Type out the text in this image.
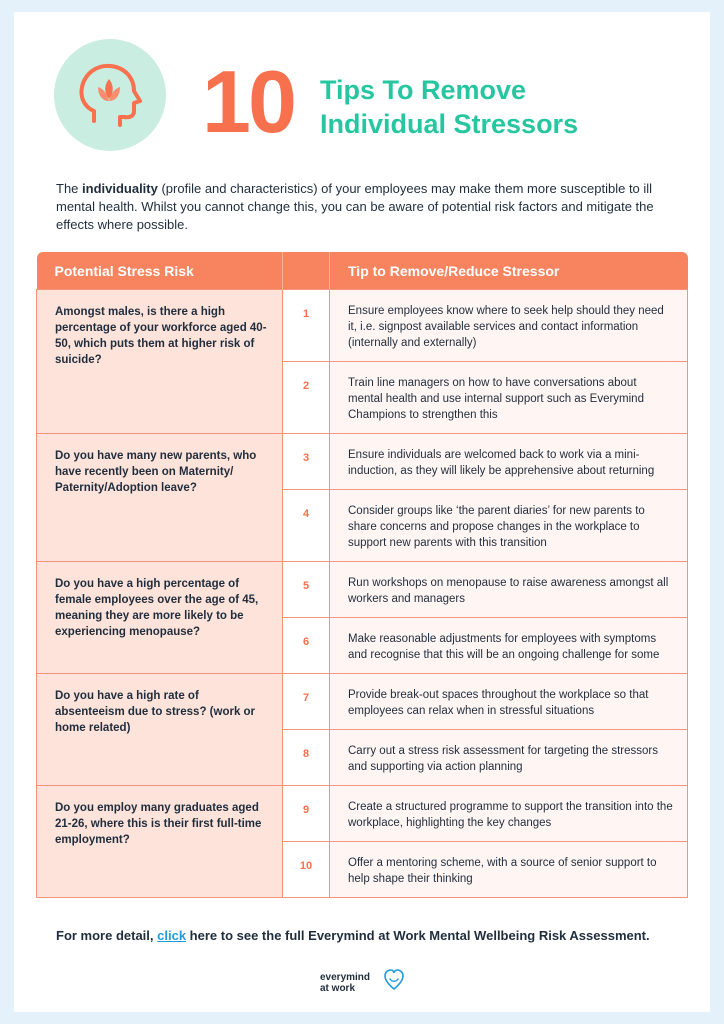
10 Tips To Remove
Individual Stressors
The individuality (profile and characteristics) of your employees may make them more susceptible to ill mental health. Whilst you cannot change this, you can be aware of potential risk factors and mitigate the effects where possible.
Potential Stress Risk		Tip to Remove/Reduce Stressor
Amongst males, is there a high percentage of your workforce aged 40-50, which puts them at higher risk of suicide?	1	Ensure employees know where to seek help should they need it, i.e. signpost available services and contact information (internally and externally)
	2	Train line managers on how to have conversations about mental health and use internal support such as Everymind Champions to strengthen this
Do you have many new parents, who have recently been on Maternity/ Paternity/Adoption leave?	3	Ensure individuals are welcomed back to work via a mini-induction, as they will likely be apprehensive about returning
	4	Consider groups like ‘the parent diaries’ for new parents to share concerns and propose changes in the workplace to support new parents with this transition
Do you have a high percentage of female employees over the age of 45, meaning they are more likely to be experiencing menopause?	5	Run workshops on menopause to raise awareness amongst all workers and managers
	6	Make reasonable adjustments for employees with symptoms and recognise that this will be an ongoing challenge for some
Do you have a high rate of absenteeism due to stress? (work or home related)	7	Provide break-out spaces throughout the workplace so that employees can relax when in stressful situations
	8	Carry out a stress risk assessment for targeting the stressors and supporting via action planning
Do you employ many graduates aged 21-26, where this is their first full-time employment?	9	Create a structured programme to support the transition into the workplace, highlighting the key changes
	10	Offer a mentoring scheme, with a source of senior support to help shape their thinking
For more detail, click here to see the full Everymind at Work Mental Wellbeing Risk Assessment.
everymind
at work
